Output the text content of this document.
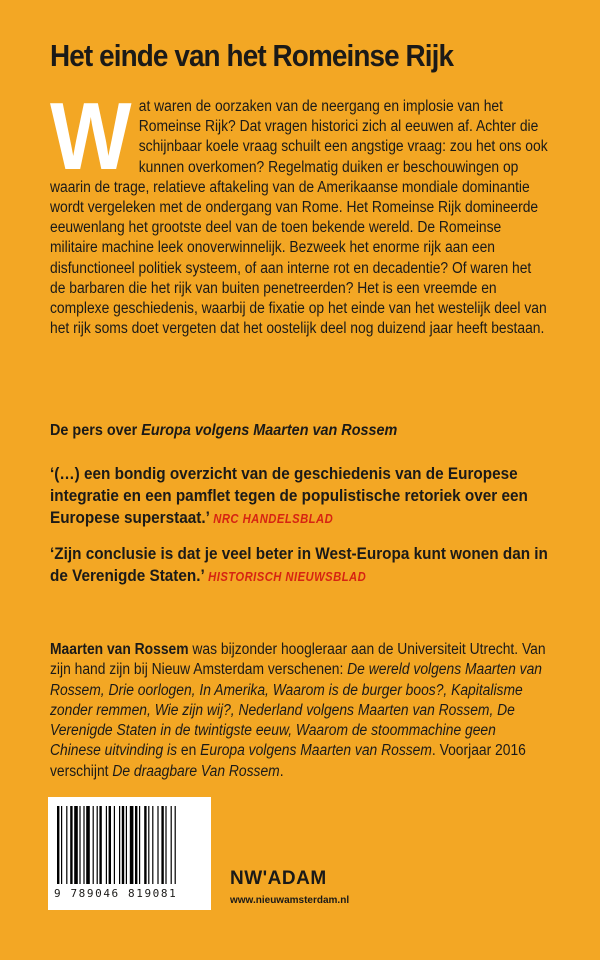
Het einde van het Romeinse Rijk
W at waren de oorzaken van de neergang en implosie van het Romeinse Rijk? Dat vragen historici zich al eeuwen af. Achter die schijnbaar koele vraag schuilt een angstige vraag: zou het ons ook kunnen overkomen? Regelmatig duiken er beschouwingen op waarin de trage, relatieve aftakeling van de Amerikaanse mondiale dominantie wordt vergeleken met de ondergang van Rome. Het Romeinse Rijk domineerde eeuwenlang het grootste deel van de toen bekende wereld. De Romeinse militaire machine leek onoverwinnelijk. Bezweek het enorme rijk aan een disfunctioneel politiek systeem, of aan interne rot en decadentie? Of waren het de barbaren die het rijk van buiten penetreerden? Het is een vreemde en complexe geschiedenis, waarbij de fixatie op het einde van het westelijk deel van het rijk soms doet vergeten dat het oostelijk deel nog duizend jaar heeft bestaan.
De pers over Europa volgens Maarten van Rossem
‘(…) een bondig overzicht van de geschiedenis van de Europese integratie en een pamflet tegen de populistische retoriek over een Europese superstaat.’ NRC HANDELSBLAD
‘Zijn conclusie is dat je veel beter in West-Europa kunt wonen dan in de Verenigde Staten.’ HISTORISCH NIEUWSBLAD
Maarten van Rossem was bijzonder hoogleraar aan de Universiteit Utrecht. Van zijn hand zijn bij Nieuw Amsterdam verschenen: De wereld volgens Maarten van Rossem, Drie oorlogen, In Amerika, Waarom is de burger boos?, Kapitalisme zonder remmen, Wie zijn wij?, Nederland volgens Maarten van Rossem, De Verenigde Staten in de twintigste eeuw, Waarom de stoommachine geen Chinese uitvinding is en Europa volgens Maarten van Rossem. Voorjaar 2016 verschijnt De draagbare Van Rossem.
9 789046 819081
NW'ADAM
www.nieuwamsterdam.nl
